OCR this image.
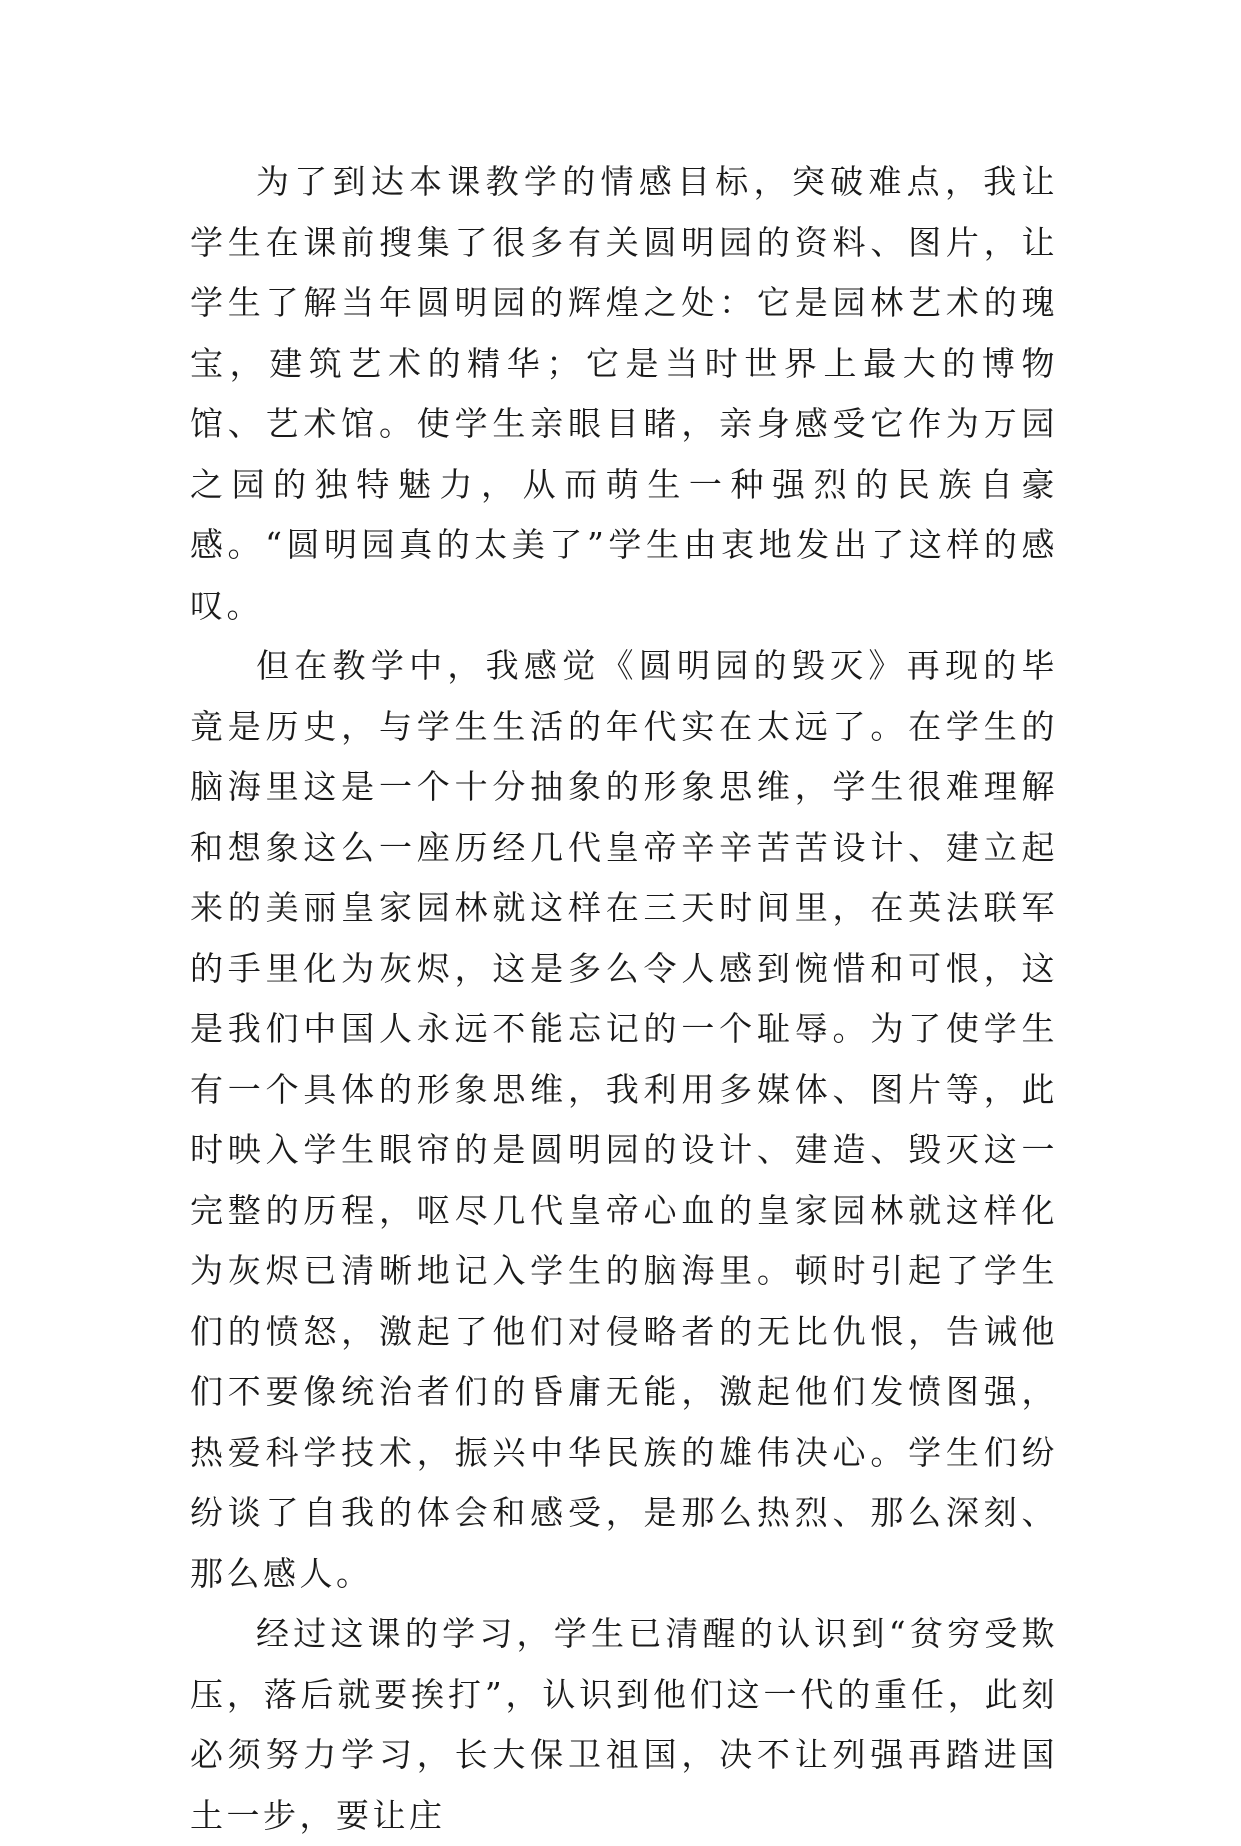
为了到达本课教学的情感目标，突破难点，我让学生在课前搜集了很多有关圆明园的资料、图片，让学生了解当年圆明园的辉煌之处：它是园林艺术的瑰宝，建筑艺术的精华；它是当时世界上最大的博物馆、艺术馆。使学生亲眼目睹，亲身感受它作为万园之园的独特魅力，从而萌生一种强烈的民族自豪感。“圆明园真的太美了”学生由衷地发出了这样的感叹。

但在教学中，我感觉《圆明园的毁灭》再现的毕竟是历史，与学生生活的年代实在太远了。在学生的脑海里这是一个十分抽象的形象思维，学生很难理解和想象这么一座历经几代皇帝辛辛苦苦设计、建立起来的美丽皇家园林就这样在三天时间里，在英法联军的手里化为灰烬，这是多么令人感到惋惜和可恨，这是我们中国人永远不能忘记的一个耻辱。为了使学生有一个具体的形象思维，我利用多媒体、图片等，此时映入学生眼帘的是圆明园的设计、建造、毁灭这一完整的历程，呕尽几代皇帝心血的皇家园林就这样化为灰烬已清晰地记入学生的脑海里。顿时引起了学生们的愤怒，激起了他们对侵略者的无比仇恨，告诫他们不要像统治者们的昏庸无能，激起他们发愤图强，热爱科学技术，振兴中华民族的雄伟决心。学生们纷纷谈了自我的体会和感受，是那么热烈、那么深刻、那么感人。

经过这课的学习，学生已清醒的认识到“贫穷受欺压，落后就要挨打”，认识到他们这一代的重任，此刻必须努力学习，长大保卫祖国，决不让列强再踏进国土一步，要让庄
